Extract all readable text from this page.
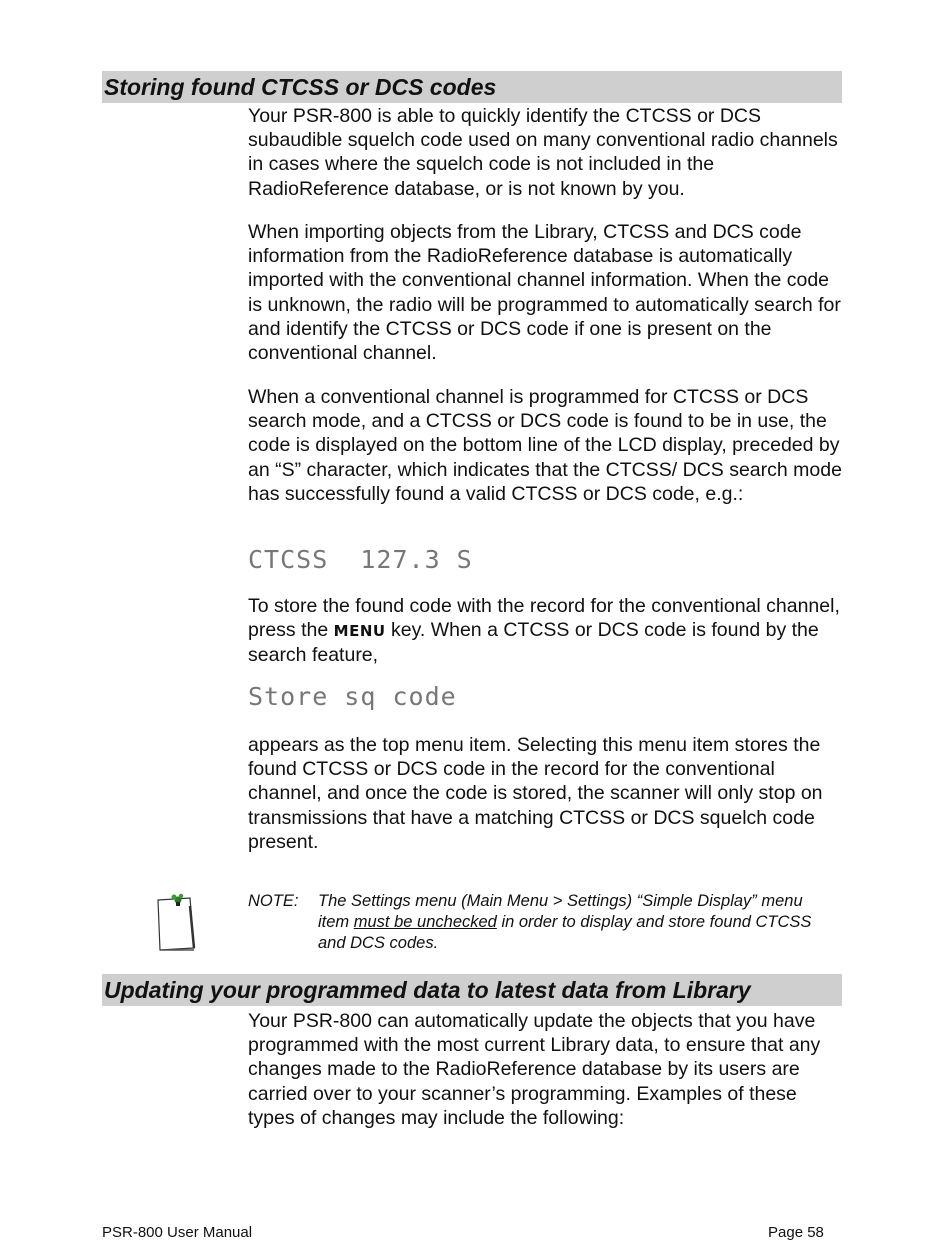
Storing found CTCSS or DCS codes

Your PSR-800 is able to quickly identify the CTCSS or DCS subaudible squelch code used on many conventional radio channels in cases where the squelch code is not included in the RadioReference database, or is not known by you.

When importing objects from the Library, CTCSS and DCS code information from the RadioReference database is automatically imported with the conventional channel information. When the code is unknown, the radio will be programmed to automatically search for and identify the CTCSS or DCS code if one is present on the conventional channel.

When a conventional channel is programmed for CTCSS or DCS search mode, and a CTCSS or DCS code is found to be in use, the code is displayed on the bottom line of the LCD display, preceded by an “S” character, which indicates that the CTCSS/ DCS search mode has successfully found a valid CTCSS or DCS code, e.g.:

CTCSS  127.3 S

To store the found code with the record for the conventional channel, press the MENU key. When a CTCSS or DCS code is found by the search feature,

Store sq code

appears as the top menu item. Selecting this menu item stores the found CTCSS or DCS code in the record for the conventional channel, and once the code is stored, the scanner will only stop on transmissions that have a matching CTCSS or DCS squelch code present.

NOTE: The Settings menu (Main Menu > Settings) “Simple Display” menu item must be unchecked in order to display and store found CTCSS and DCS codes.
Updating your programmed data to latest data from Library

Your PSR-800 can automatically update the objects that you have programmed with the most current Library data, to ensure that any changes made to the RadioReference database by its users are carried over to your scanner’s programming. Examples of these types of changes may include the following:

PSR-800 User Manual	Page 58
